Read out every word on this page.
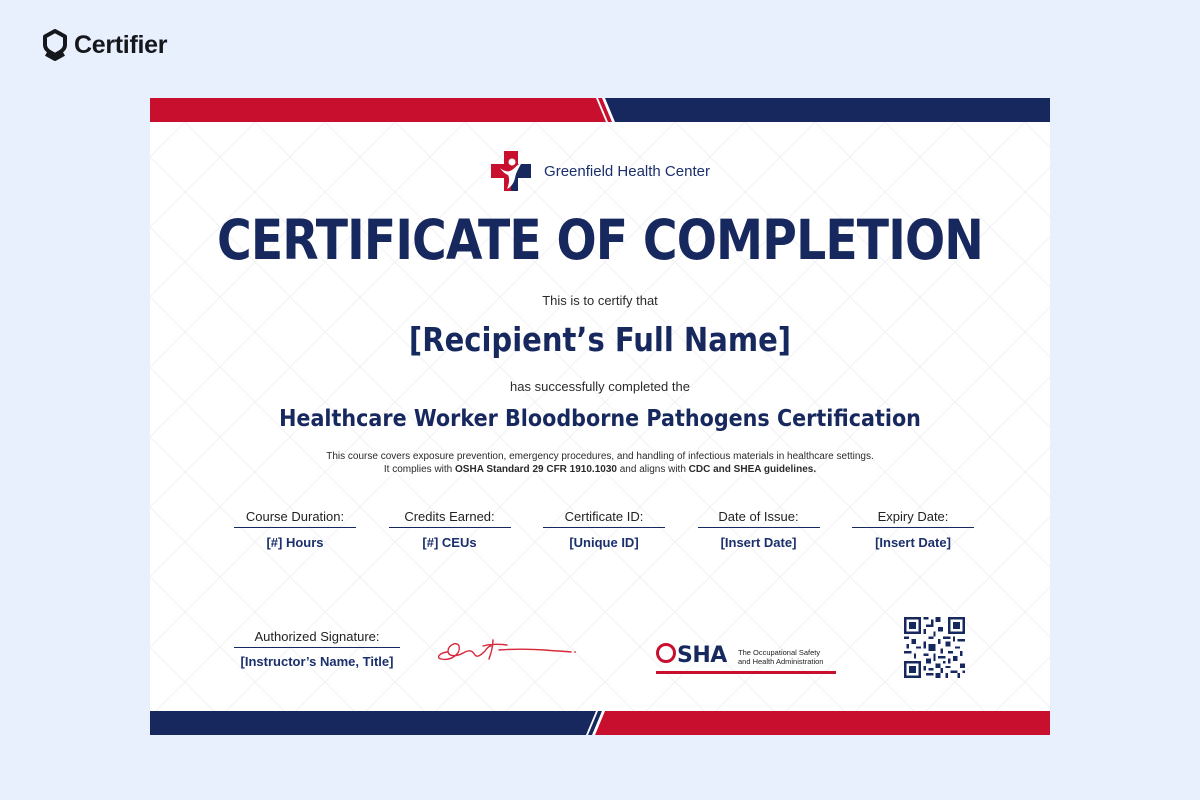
Certifier
Greenfield Health Center
CERTIFICATE OF COMPLETION
This is to certify that
[Recipient’s Full Name]
has successfully completed the
Healthcare Worker Bloodborne Pathogens Certification
This course covers exposure prevention, emergency procedures, and handling of infectious materials in healthcare settings.
It complies with OSHA Standard 29 CFR 1910.1030 and aligns with CDC and SHEA guidelines.
Course Duration:
[#] Hours
Credits Earned:
[#] CEUs
Certificate ID:
[Unique ID]
Date of Issue:
[Insert Date]
Expiry Date:
[Insert Date]
Authorized Signature:
[Instructor’s Name, Title]	SHA The Occupational Safety
and Health Administration
